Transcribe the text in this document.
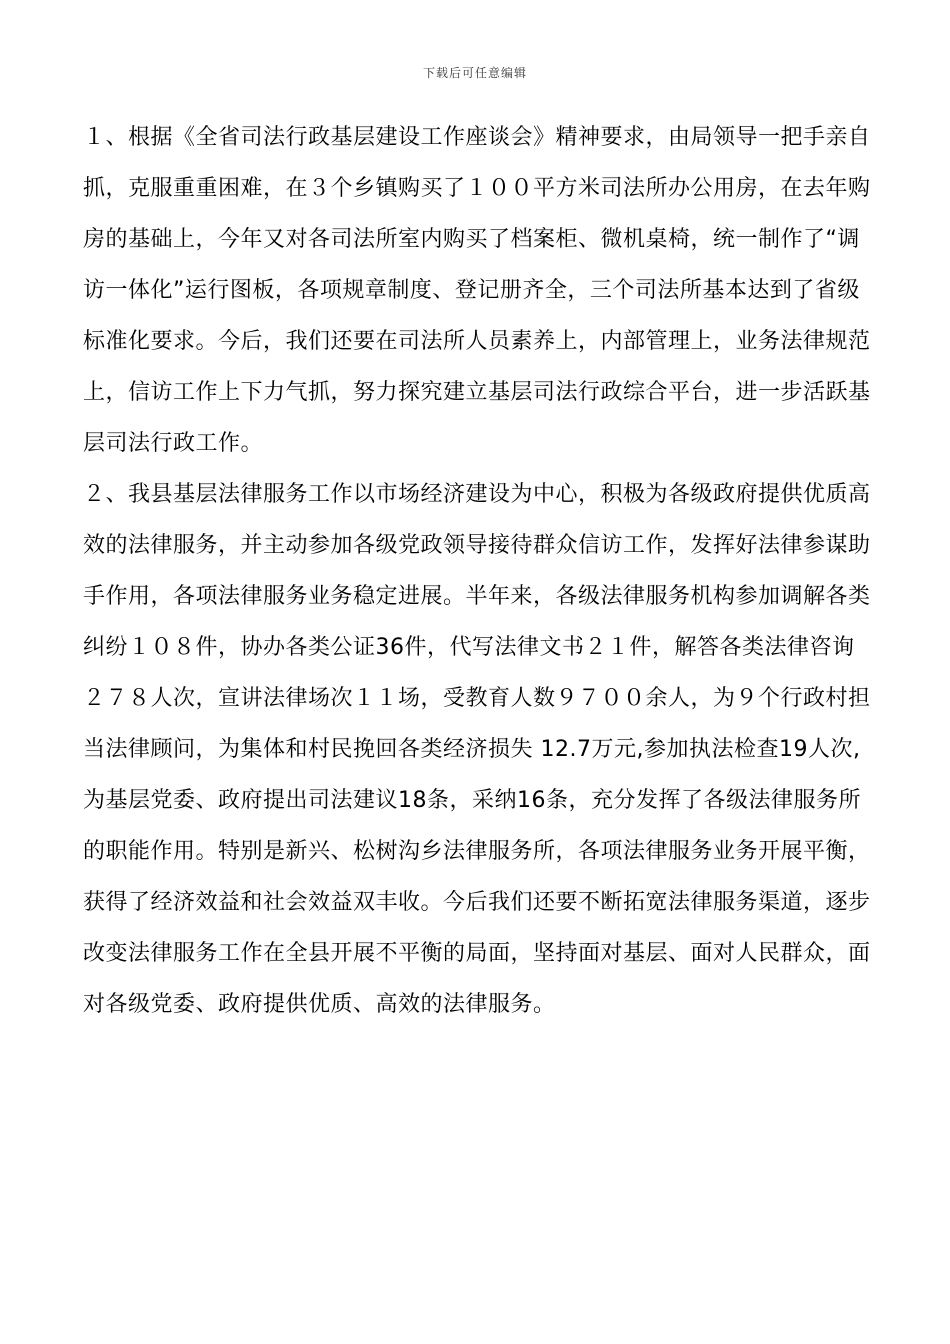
下载后可任意编辑

１、根据《全省司法行政基层建设工作座谈会》精神要求，由局领导一把手亲自抓，克服重重困难，在３个乡镇购买了１００平方米司法所办公用房，在去年购房的基础上，今年又对各司法所室内购买了档案柜、微机桌椅，统一制作了“调访一体化”运行图板，各项规章制度、登记册齐全，三个司法所基本达到了省级标准化要求。今后，我们还要在司法所人员素养上，内部管理上，业务法律规范上，信访工作上下力气抓，努力探究建立基层司法行政综合平台，进一步活跃基层司法行政工作。

２、我县基层法律服务工作以市场经济建设为中心，积极为各级政府提供优质高效的法律服务，并主动参加各级党政领导接待群众信访工作，发挥好法律参谋助手作用，各项法律服务业务稳定进展。半年来，各级法律服务机构参加调解各类纠纷１０８件，协办各类公证36件，代写法律文书２１件，解答各类法律咨询２７８人次，宣讲法律场次１１场，受教育人数９７００余人，为９个行政村担当法律顾问，为集体和村民挽回各类经济损失 12.7万元,参加执法检查19人次,为基层党委、政府提出司法建议18条，采纳16条，充分发挥了各级法律服务所的职能作用。特别是新兴、松树沟乡法律服务所，各项法律服务业务开展平衡，获得了经济效益和社会效益双丰收。今后我们还要不断拓宽法律服务渠道，逐步改变法律服务工作在全县开展不平衡的局面，坚持面对基层、面对人民群众，面对各级党委、政府提供优质、高效的法律服务。
